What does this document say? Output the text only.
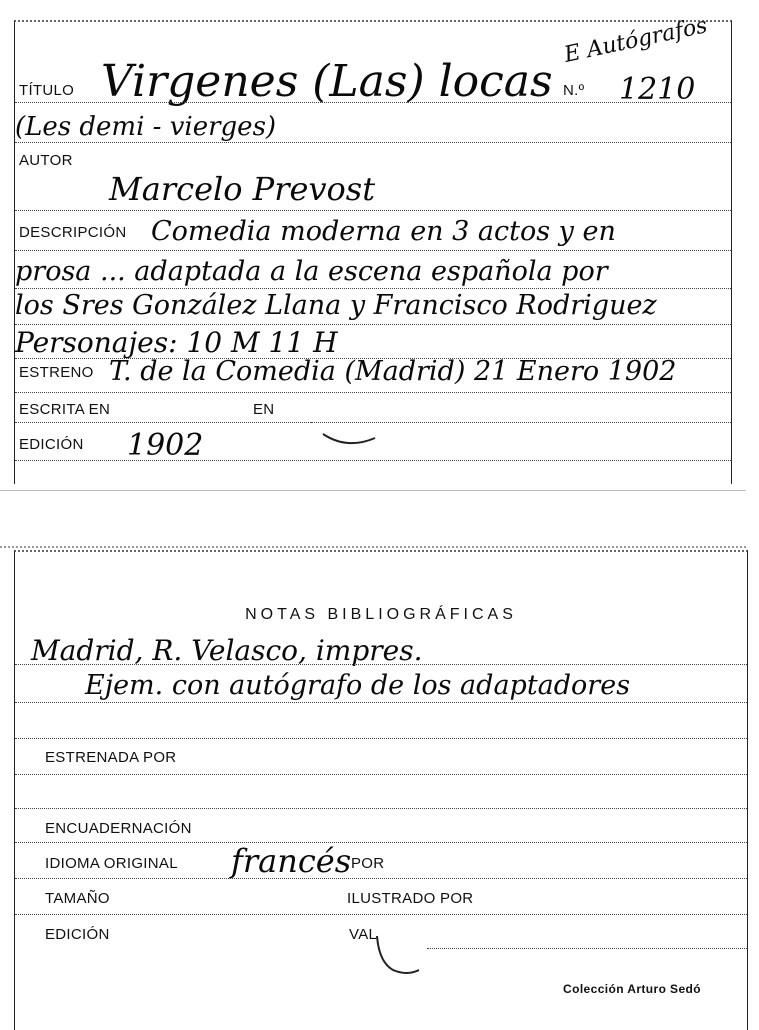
E Autógrafos
TÍTULO Virgenes (Las) locas N.º 1210
(Les demi - vierges)
AUTOR
Marcelo Prevost
DESCRIPCIÓN Comedia moderna en 3 actos y en
prosa ... adaptada a la escena española por
los Sres González Llana y Francisco Rodriguez
Personajes: 10 M 11 H
ESTRENO T. de la Comedia (Madrid) 21 Enero 1902
ESCRITA EN	EN
EDICIÓN 1902
NOTAS BIBLIOGRÁFICAS
Madrid, R. Velasco, impres.
Ejem. con autógrafo de los adaptadores
ESTRENADA POR
ENCUADERNACIÓN
IDIOMA ORIGINAL francés POR
TAMAÑO	ILUSTRADO POR
EDICIÓN	VAL
Colección Arturo Sedó
